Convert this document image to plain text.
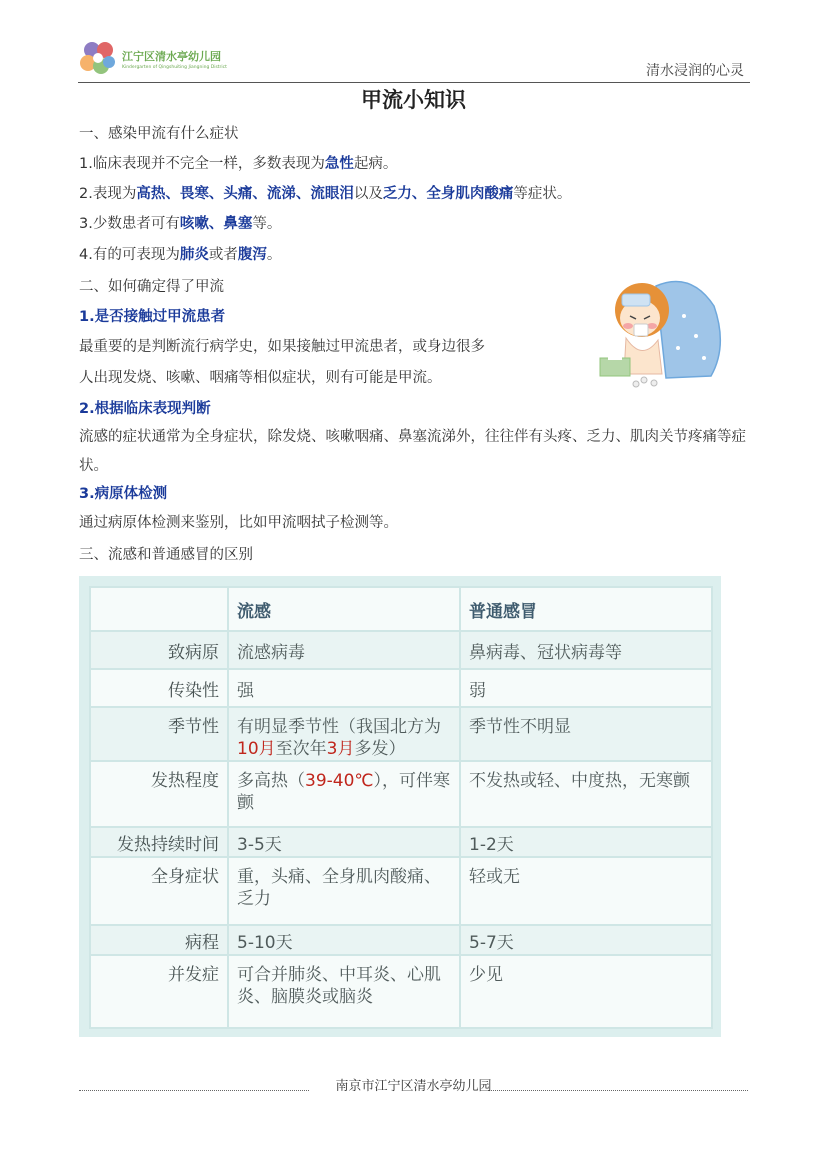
江宁区清水亭幼儿园
Kindergarten of Qingshuiting Jiangning District	清水浸润的心灵
甲流小知识
一、感染甲流有什么症状
1.临床表现并不完全一样，多数表现为急性起病。
2.表现为高热、畏寒、头痛、流涕、流眼泪以及乏力、全身肌肉酸痛等症状。
3.少数患者可有咳嗽、鼻塞等。
4.有的可表现为肺炎或者腹泻。
二、如何确定得了甲流
1.是否接触过甲流患者
最重要的是判断流行病学史，如果接触过甲流患者，或身边很多
人出现发烧、咳嗽、咽痛等相似症状，则有可能是甲流。
2.根据临床表现判断
流感的症状通常为全身症状，除发烧、咳嗽咽痛、鼻塞流涕外，往往伴有头疼、乏力、肌肉关节疼痛等症状。
3.病原体检测
通过病原体检测来鉴别，比如甲流咽拭子检测等。
三、流感和普通感冒的区别
	流感	普通感冒
致病原	流感病毒	鼻病毒、冠状病毒等
传染性	强	弱
季节性	有明显季节性（我国北方为10月至次年3月多发）	季节性不明显
发热程度	多高热（39-40℃），可伴寒颤	不发热或轻、中度热，无寒颤
发热持续时间	3-5天	1-2天
全身症状	重，头痛、全身肌肉酸痛、乏力	轻或无
病程	5-10天	5-7天
并发症	可合并肺炎、中耳炎、心肌炎、脑膜炎或脑炎	少见
南京市江宁区清水亭幼儿园
